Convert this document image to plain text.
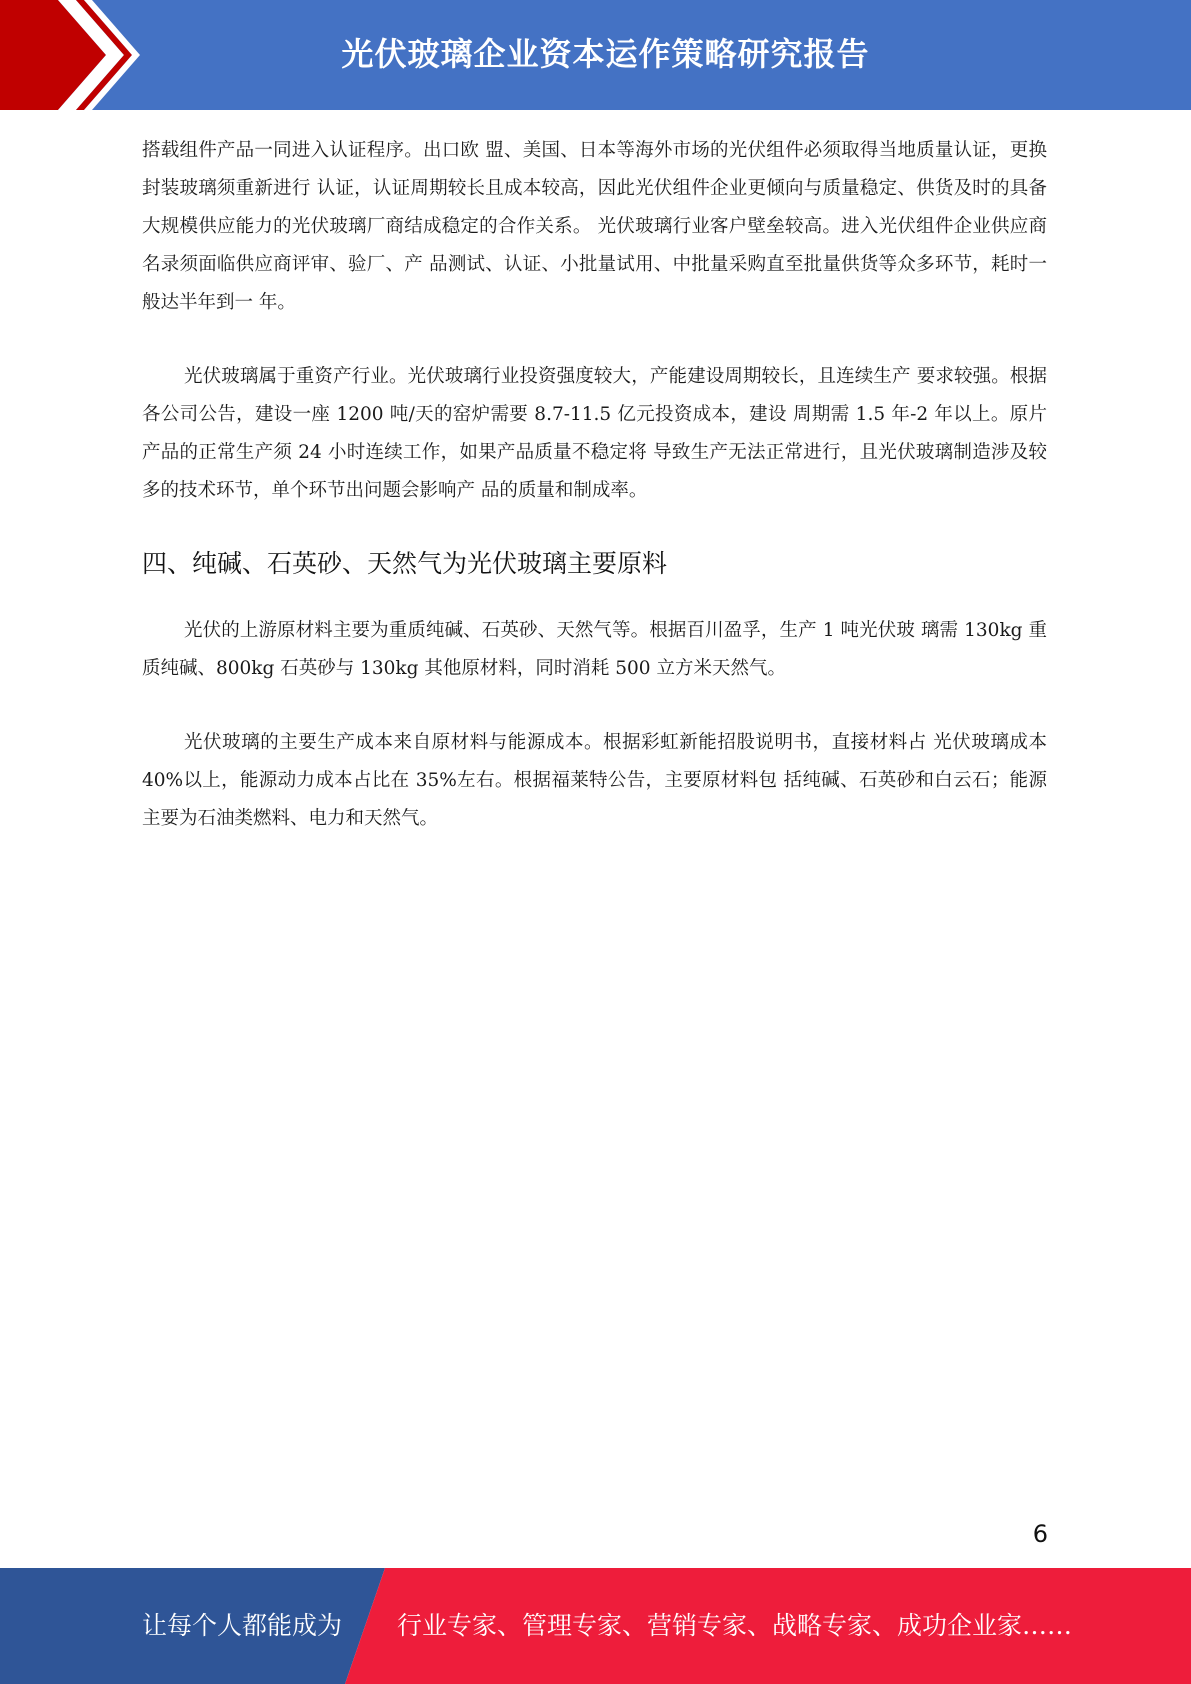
光伏玻璃企业资本运作策略研究报告

搭载组件产品一同进入认证程序。出口欧 盟、美国、日本等海外市场的光伏组件必须取得当地质量认证，更换封装玻璃须重新进行 认证，认证周期较长且成本较高，因此光伏组件企业更倾向与质量稳定、供货及时的具备 大规模供应能力的光伏玻璃厂商结成稳定的合作关系。 光伏玻璃行业客户壁垒较高。进入光伏组件企业供应商名录须面临供应商评审、验厂、产 品测试、认证、小批量试用、中批量采购直至批量供货等众多环节，耗时一般达半年到一 年。

光伏玻璃属于重资产行业。光伏玻璃行业投资强度较大，产能建设周期较长，且连续生产 要求较强。根据各公司公告，建设一座 1200 吨/天的窑炉需要 8.7-11.5 亿元投资成本，建设 周期需 1.5 年-2 年以上。原片产品的正常生产须 24 小时连续工作，如果产品质量不稳定将 导致生产无法正常进行，且光伏玻璃制造涉及较多的技术环节，单个环节出问题会影响产 品的质量和制成率。

四、纯碱、石英砂、天然气为光伏玻璃主要原料

光伏的上游原材料主要为重质纯碱、石英砂、天然气等。根据百川盈孚，生产 1 吨光伏玻 璃需 130kg 重质纯碱、800kg 石英砂与 130kg 其他原材料，同时消耗 500 立方米天然气。

光伏玻璃的主要生产成本来自原材料与能源成本。根据彩虹新能招股说明书，直接材料占 光伏玻璃成本 40%以上，能源动力成本占比在 35%左右。根据福莱特公告，主要原材料包 括纯碱、石英砂和白云石；能源主要为石油类燃料、电力和天然气。

6
让每个人都能成为 行业专家、管理专家、营销专家、战略专家、成功企业家……
